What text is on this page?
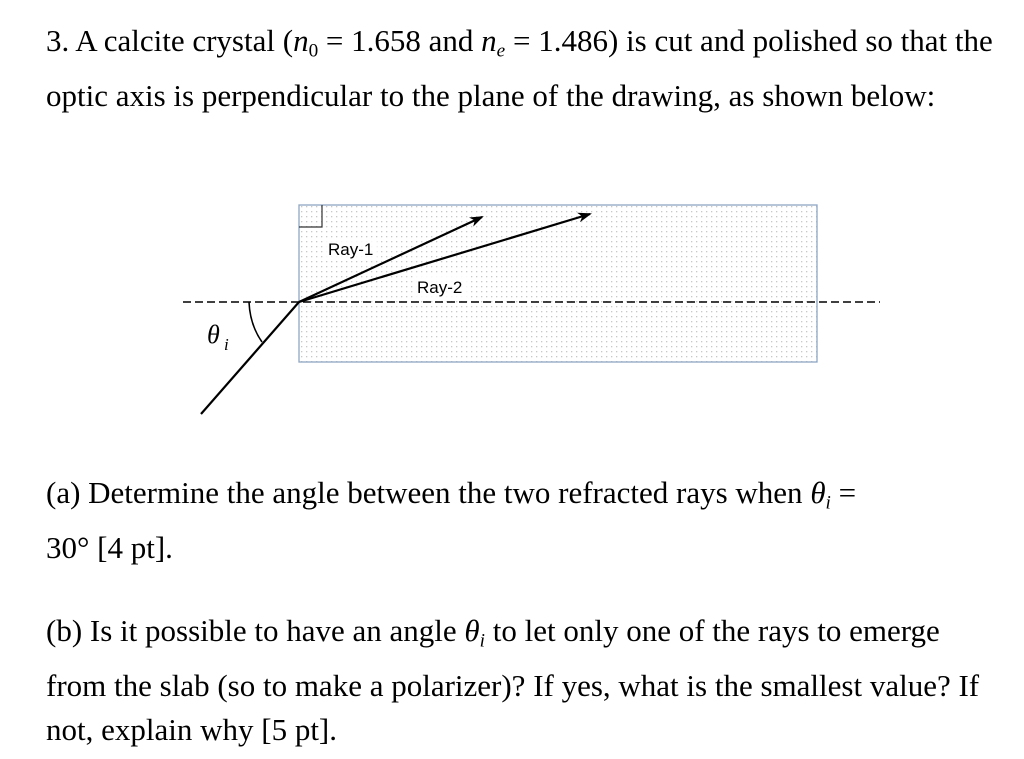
3. A calcite crystal (n0 = 1.658 and $n_e = 1.486$) is cut and polished so that the optic axis is perpendicular to the plane of the drawing, as shown below:

Ray-1
Ray-2
θ i

(a) Determine the angle between the two refracted rays when $\theta_i$ =
30° [4 pt].

(b) Is it possible to have an angle $\theta_i$ to let only one of the rays to emerge from the slab (so to make a polarizer)? If yes, what is the smallest value? If not, explain why [5 pt].
